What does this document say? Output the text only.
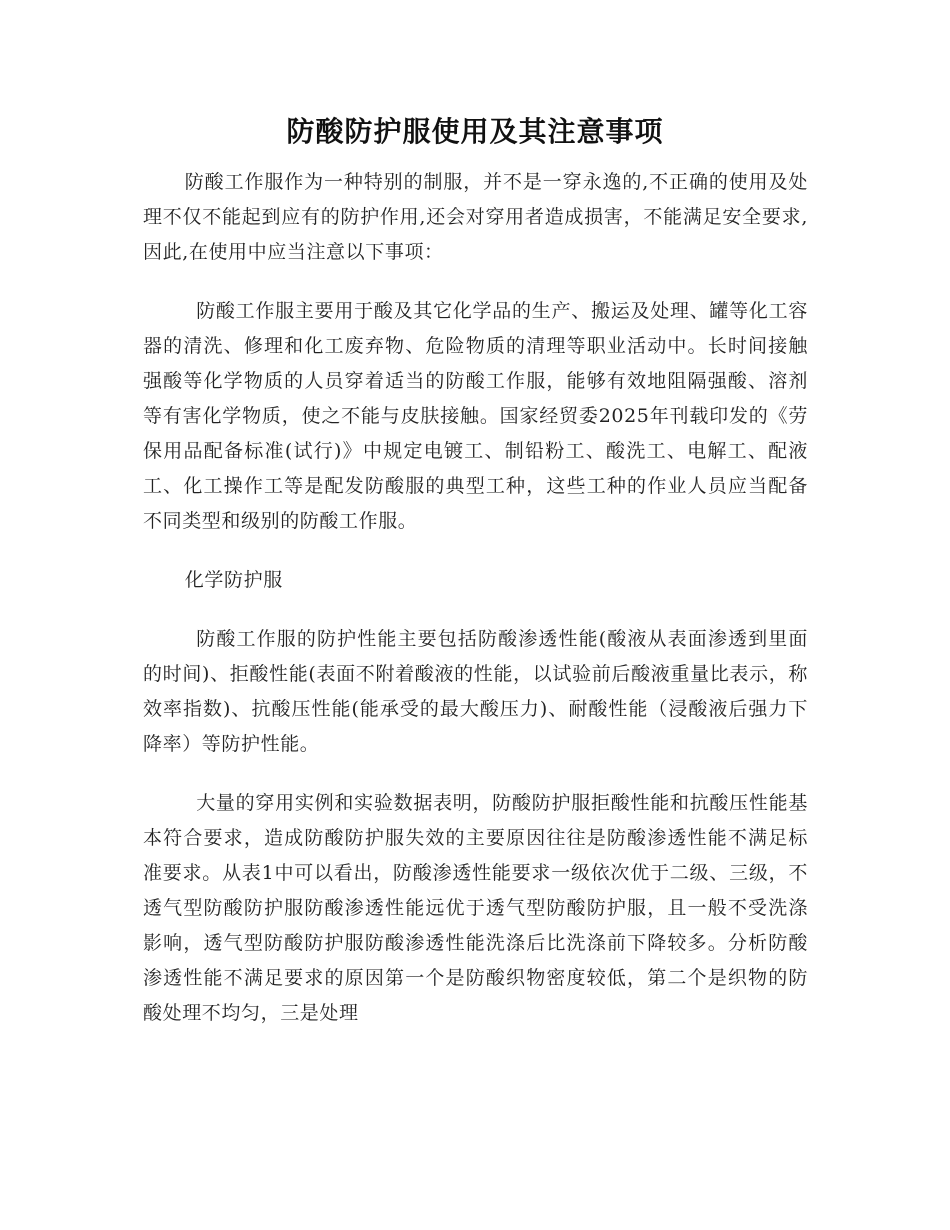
防酸防护服使用及其注意事项

防酸工作服作为一种特别的制服，并不是一穿永逸的,不正确的使用及处理不仅不能起到应有的防护作用,还会对穿用者造成损害，不能满足安全要求,因此,在使用中应当注意以下事项：

防酸工作服主要用于酸及其它化学品的生产、搬运及处理、罐等化工容器的清洗、修理和化工废弃物、危险物质的清理等职业活动中。长时间接触强酸等化学物质的人员穿着适当的防酸工作服，能够有效地阻隔强酸、溶剂等有害化学物质，使之不能与皮肤接触。国家经贸委2025年刊载印发的《劳保用品配备标准(试行)》中规定电镀工、制铅粉工、酸洗工、电解工、配液工、化工操作工等是配发防酸服的典型工种，这些工种的作业人员应当配备不同类型和级别的防酸工作服。

化学防护服

防酸工作服的防护性能主要包括防酸渗透性能(酸液从表面渗透到里面的时间)、拒酸性能(表面不附着酸液的性能，以试验前后酸液重量比表示，称效率指数)、抗酸压性能(能承受的最大酸压力)、耐酸性能（浸酸液后强力下降率）等防护性能。

大量的穿用实例和实验数据表明，防酸防护服拒酸性能和抗酸压性能基本符合要求，造成防酸防护服失效的主要原因往往是防酸渗透性能不满足标准要求。从表1中可以看出，防酸渗透性能要求一级依次优于二级、三级，不透气型防酸防护服防酸渗透性能远优于透气型防酸防护服，且一般不受洗涤影响，透气型防酸防护服防酸渗透性能洗涤后比洗涤前下降较多。分析防酸渗透性能不满足要求的原因第一个是防酸织物密度较低，第二个是织物的防酸处理不均匀，三是处理
